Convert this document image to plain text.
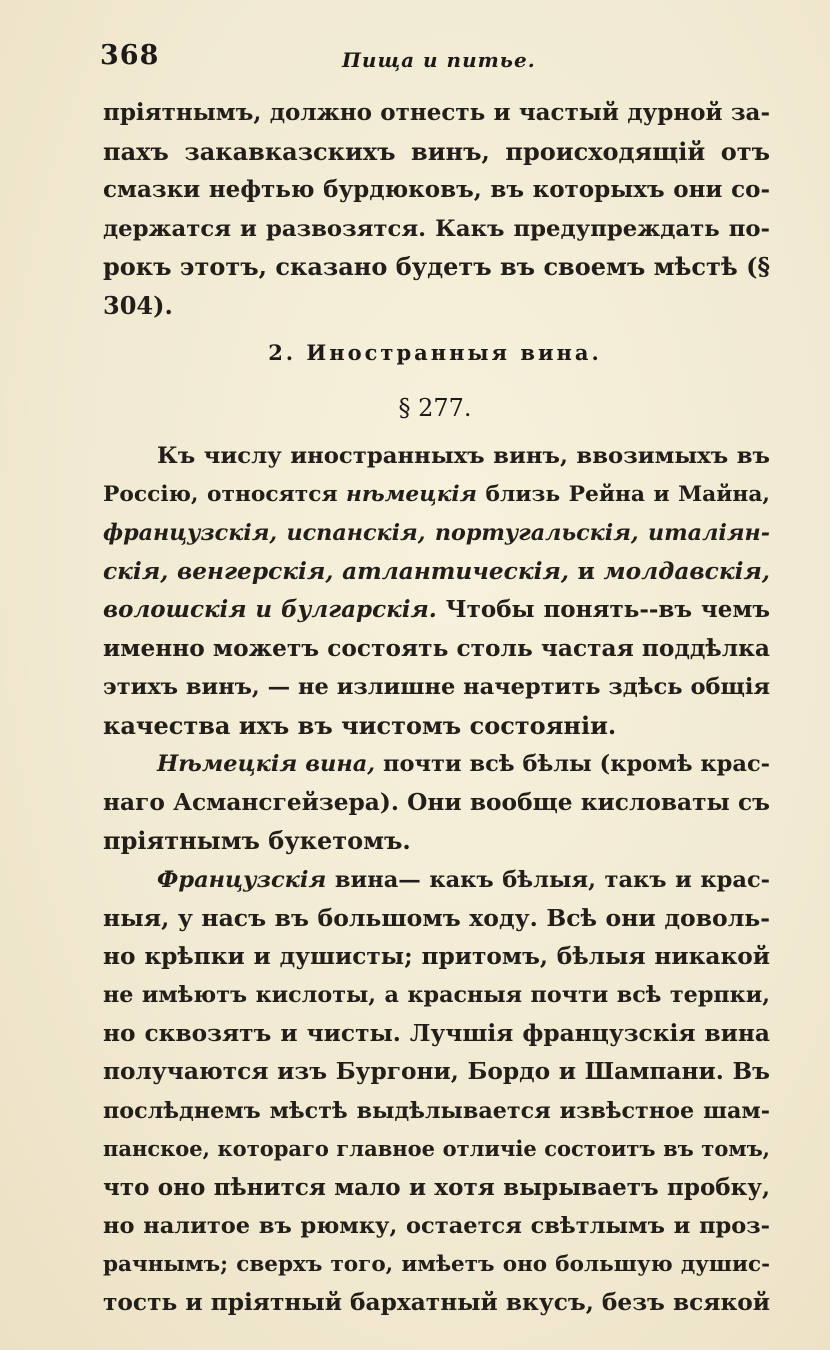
368	Пища и питье.
пріятнымъ, должно отнесть и частый дурной за-
пахъ закавказскихъ винъ, происходящій отъ
смазки нефтью бурдюковъ, въ которыхъ они со-
держатся и развозятся. Какъ предупреждать по-
рокъ этотъ, сказано будетъ въ своемъ мѣстѣ (§
304).
2. Иностранныя вина.
§ 277.
Къ числу иностранныхъ винъ, ввозимыхъ въ
Россію, относятся нѣмецкія близь Рейна и Майна,
французскія, испанскія, португальскія, италіян-
скія, венгерскія, атлантическія, и молдавскія,
волошскія и булгарскія. Чтобы понять--въ чемъ
именно можетъ состоять столь частая поддѣлка
этихъ винъ, — не излишне начертить здѣсь общія
качества ихъ въ чистомъ состояніи.
Нѣмецкія вина, почти всѣ бѣлы (кромѣ крас-
наго Асмансгейзера). Они вообще кисловаты съ
пріятнымъ букетомъ.
Французскія вина— какъ бѣлыя, такъ и крас-
ныя, у насъ въ большомъ ходу. Всѣ они доволь-
но крѣпки и душисты; притомъ, бѣлыя никакой
не имѣютъ кислоты, а красныя почти всѣ терпки,
но сквозятъ и чисты. Лучшія французскія вина
получаются изъ Бургони, Бордо и Шампани. Въ
послѣднемъ мѣстѣ выдѣлывается извѣстное шам-
панское, котораго главное отличіе состоитъ въ томъ,
что оно пѣнится мало и хотя вырываетъ пробку,
но налитое въ рюмку, остается свѣтлымъ и проз-
рачнымъ; сверхъ того, имѣетъ оно большую душис-
тость и пріятный бархатный вкусъ, безъ всякой
